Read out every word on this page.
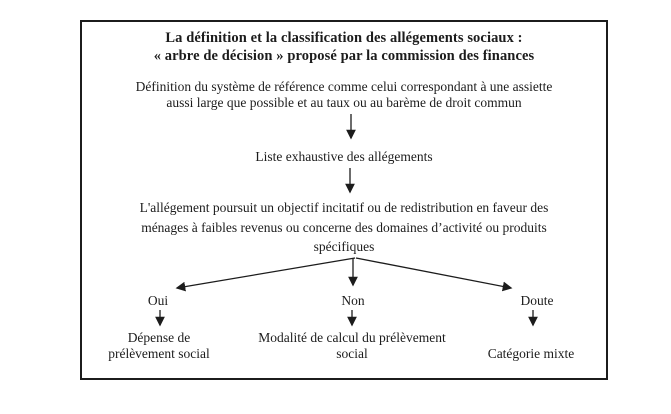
La définition et la classification des allégements sociaux :
« arbre de décision » proposé par la commission des finances
Définition du système de référence comme celui correspondant à une assiette
aussi large que possible et au taux ou au barème de droit commun
Liste exhaustive des allégements
L'allégement poursuit un objectif incitatif ou de redistribution en faveur des
ménages à faibles revenus ou concerne des domaines d’activité ou produits
spécifiques
Oui	Non	Doute
Dépense de
prélèvement social
Modalité de calcul du prélèvement
social	Catégorie mixte
